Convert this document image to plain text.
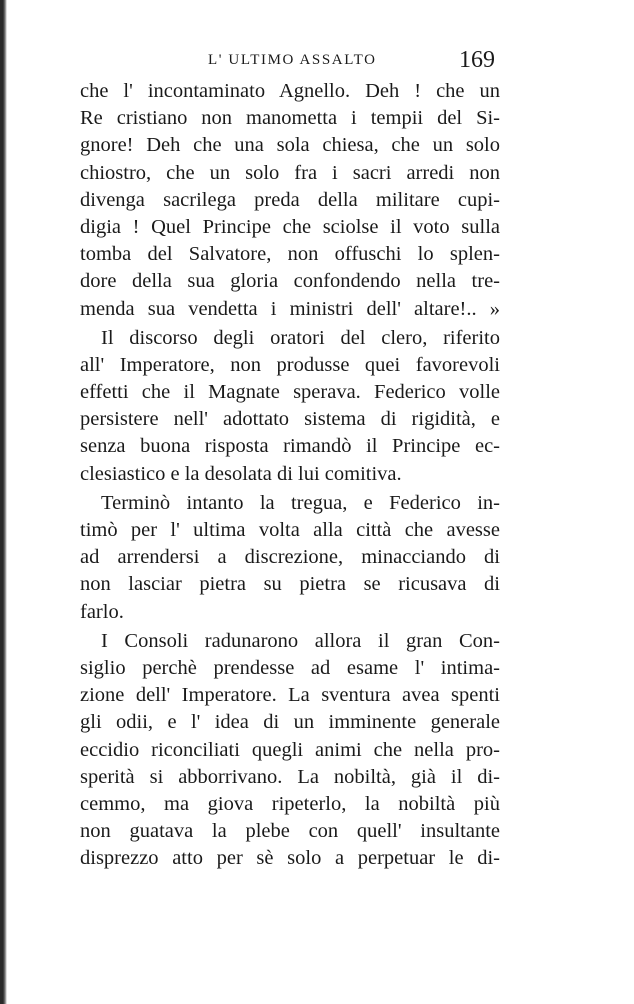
L' ULTIMO ASSALTO	169
che l' incontaminato Agnello. Deh ! che un
Re cristiano non manomettа i tempii del Si-
gnore! Deh che una sola chiesa, che un solo
chiostro, che un solo fra i sacri arredi non
divenga sacrilega preda della militare cupi-
digia ! Quel Principe che sciolse il voto sulla
tomba del Salvatore, non offuschi lo splen-
dore della sua gloria confondendo nella tre-
menda sua vendetta i ministri dell' altare!.. »
Il discorso degli oratori del clero, riferito
all' Imperatore, non produsse quei favorevoli
effetti che il Magnate sperava. Federico volle
persistere nell' adottato sistema di rigidità, e
senza buona risposta rimandò il Principe ec-
clesiastico e la desolata di lui comitiva.
Terminò intanto la tregua, e Federico in-
timò per l' ultima volta alla città che avesse
ad arrendersi a discrezione, minacciando di
non lasciar pietra su pietra se ricusava di
farlo.
I Consoli radunarono allora il gran Con-
siglio perchè prendesse ad esame l' intima-
zione dell' Imperatore. La sventura avea spenti
gli odii, e l' idea di un imminente generale
eccidio riconciliati quegli animi che nella pro-
sperità si abborrivano. La nobiltà, già il di-
cemmo, ma giova ripeterlo, la nobiltà più
non guatava la plebe con quell' insultante
disprezzo atto per sè solo a perpetuar le di-
